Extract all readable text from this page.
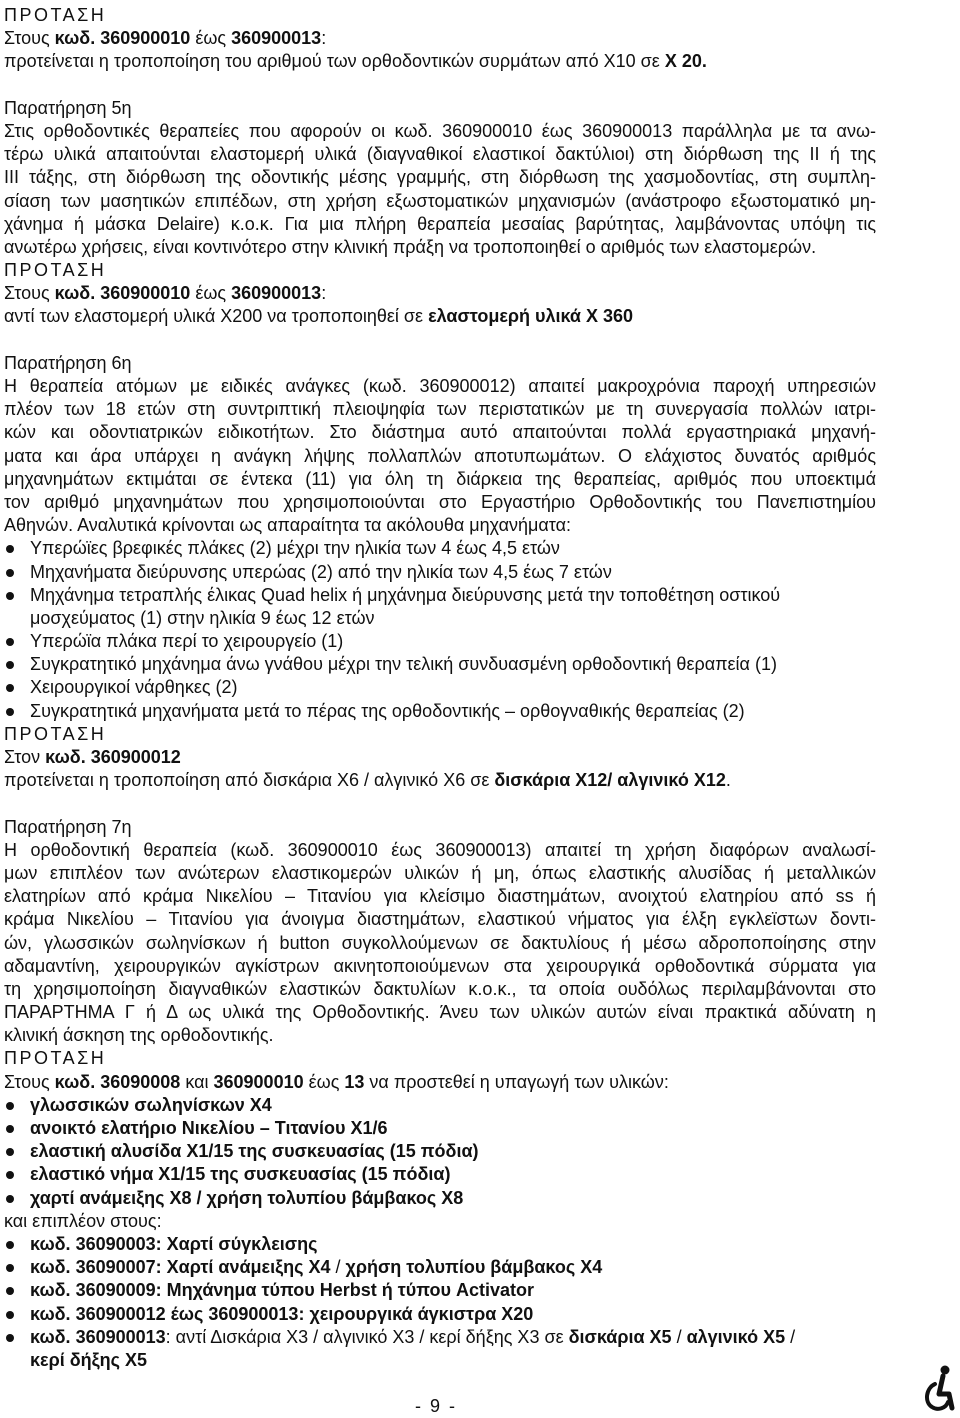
ΠΡΟΤΑΣΗ
Στους κωδ. 360900010 έως 360900013:
προτείνεται η τροποποίηση του αριθμού των ορθοδοντικών συρμάτων από Χ10 σε Χ 20.
Παρατήρηση 5η
Στις ορθοδοντικές θεραπείες που αφορούν οι κωδ. 360900010 έως 360900013 παράλληλα με τα ανω-
τέρω υλικά απαιτούνται ελαστομερή υλικά (διαγναθικοί ελαστικοί δακτύλιοι) στη διόρθωση της ΙΙ ή της
ΙΙΙ τάξης, στη διόρθωση της οδοντικής μέσης γραμμής, στη διόρθωση της χασμοδοντίας, στη συμπλη-
σίαση των μασητικών επιπέδων, στη χρήση εξωστοματικών μηχανισμών (ανάστροφο εξωστοματικό μη-
χάνημα ή μάσκα Delaire) κ.ο.κ. Για μια πλήρη θεραπεία μεσαίας βαρύτητας, λαμβάνοντας υπόψη τις
ανωτέρω χρήσεις, είναι κοντινότερο στην κλινική πράξη να τροποποιηθεί ο αριθμός των ελαστομερών.
ΠΡΟΤΑΣΗ
Στους κωδ. 360900010 έως 360900013:
αντί των ελαστομερή υλικά Χ200 να τροποποιηθεί σε ελαστομερή υλικά Χ 360
Παρατήρηση 6η
Η θεραπεία ατόμων με ειδικές ανάγκες (κωδ. 360900012) απαιτεί μακροχρόνια παροχή υπηρεσιών
πλέον των 18 ετών στη συντριπτική πλειοψηφία των περιστατικών με τη συνεργασία πολλών ιατρι-
κών και οδοντιατρικών ειδικοτήτων. Στο διάστημα αυτό απαιτούνται πολλά εργαστηριακά μηχανή-
ματα και άρα υπάρχει η ανάγκη λήψης πολλαπλών αποτυπωμάτων. Ο ελάχιστος δυνατός αριθμός
μηχανημάτων εκτιμάται σε έντεκα (11) για όλη τη διάρκεια της θεραπείας, αριθμός που υποεκτιμά
τον αριθμό μηχανημάτων που χρησιμοποιούνται στο Εργαστήριο Ορθοδοντικής του Πανεπιστημίου
Αθηνών. Αναλυτικά κρίνονται ως απαραίτητα τα ακόλουθα μηχανήματα:
Υπερώϊες βρεφικές πλάκες (2) μέχρι την ηλικία των 4 έως 4,5 ετών
Μηχανήματα διεύρυνσης υπερώας (2) από την ηλικία των 4,5 έως 7 ετών
Μηχάνημα τετραπλής έλικας Quad helix ή μηχάνημα διεύρυνσης μετά την τοποθέτηση οστικού
μοσχεύματος (1) στην ηλικία 9 έως 12 ετών
Υπερώϊα πλάκα περί το χειρουργείο (1)
Συγκρατητικό μηχάνημα άνω γνάθου μέχρι την τελική συνδυασμένη ορθοδοντική θεραπεία (1)
Χειρουργικοί νάρθηκες (2)
Συγκρατητικά μηχανήματα μετά το πέρας της ορθοδοντικής – ορθογναθικής θεραπείας (2)
ΠΡΟΤΑΣΗ
Στον κωδ. 360900012
προτείνεται η τροποποίηση από δισκάρια Χ6 / αλγινικό Χ6 σε δισκάρια Χ12/ αλγινικό Χ12.
Παρατήρηση 7η
Η ορθοδοντική θεραπεία (κωδ. 360900010 έως 360900013) απαιτεί τη χρήση διαφόρων αναλωσί-
μων επιπλέον των ανώτερων ελαστικομερών υλικών ή μη, όπως ελαστικής αλυσίδας ή μεταλλικών
ελατηρίων από κράμα Νικελίου – Τιτανίου για κλείσιμο διαστημάτων, ανοιχτού ελατηρίου από ss ή
κράμα Νικελίου – Τιτανίου για άνοιγμα διαστημάτων, ελαστικού νήματος για έλξη εγκλεϊστων δοντι-
ών, γλωσσικών σωληνίσκων ή button συγκολλούμενων σε δακτυλίους ή μέσω αδροποποίησης στην
αδαμαντίνη, χειρουργικών αγκίστρων ακινητοποιούμενων στα χειρουργικά ορθοδοντικά σύρματα για
τη χρησιμοποίηση διαγναθικών ελαστικών δακτυλίων κ.ο.κ., τα οποία ουδόλως περιλαμβάνονται στο
ΠΑΡΑΡΤΗΜΑ Γ ή Δ ως υλικά της Ορθοδοντικής. Άνευ των υλικών αυτών είναι πρακτικά αδύνατη η
κλινική άσκηση της ορθοδοντικής.
ΠΡΟΤΑΣΗ
Στους κωδ. 36090008 και 360900010 έως 13 να προστεθεί η υπαγωγή των υλικών:
γλωσσικών σωληνίσκων Χ4
ανοικτό ελατήριο Νικελίου – Τιτανίου Χ1/6
ελαστική αλυσίδα Χ1/15 της συσκευασίας (15 πόδια)
ελαστικό νήμα Χ1/15 της συσκευασίας (15 πόδια)
χαρτί ανάμειξης Χ8 / χρήση τολυπίου βάμβακος Χ8
και επιπλέον στους:
κωδ. 36090003: Χαρτί σύγκλεισης
κωδ. 36090007: Χαρτί ανάμειξης Χ4 / χρήση τολυπίου βάμβακος Χ4
κωδ. 36090009: Μηχάνημα τύπου Herbst ή τύπου Activator
κωδ. 360900012 έως 360900013: χειρουργικά άγκιστρα Χ20
κωδ. 360900013: αντί Δισκάρια Χ3 / αλγινικό Χ3 / κερί δήξης Χ3 σε δισκάρια Χ5 / αλγινικό Χ5 /
κερί δήξης Χ5
- 9 -
